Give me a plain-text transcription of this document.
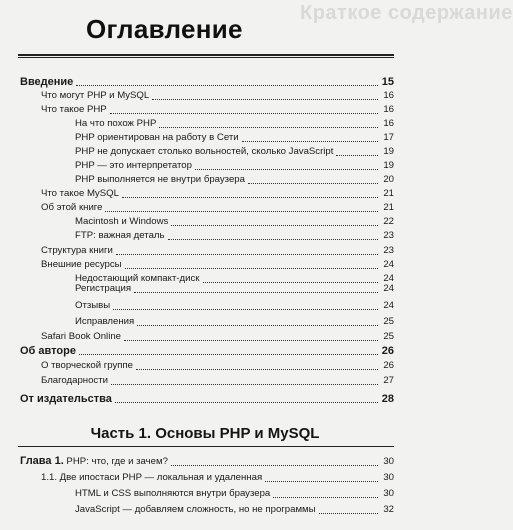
Краткое содержание
Оглавление
Введение	15
Что могут PHP и MySQL	16
Что такое PHP	16
На что похож PHP	16
PHP ориентирован на работу в Сети	17
PHP не допускает столько вольностей, сколько JavaScript	19
PHP — это интерпретатор	19
PHP выполняется не внутри браузера	20
Что такое MySQL	21
Об этой книге	21
Macintosh и Windows	22
FTP: важная деталь	23
Структура книги	23
Внешние ресурсы	24
Недостающий компакт-диск	24
Регистрация	24
Отзывы	24
Исправления	25
Safari Book Online	25
Об авторе	26
О творческой группе	26
Благодарности	27
От издательства	28
Глава 1. PHP: что, где и зачем?	30
1.1. Две ипостаси PHP — локальная и удаленная	30
HTML и CSS выполняются внутри браузера	30
JavaScript — добавляем сложность, но не программы	32
Часть 1. Основы PHP и MySQL
